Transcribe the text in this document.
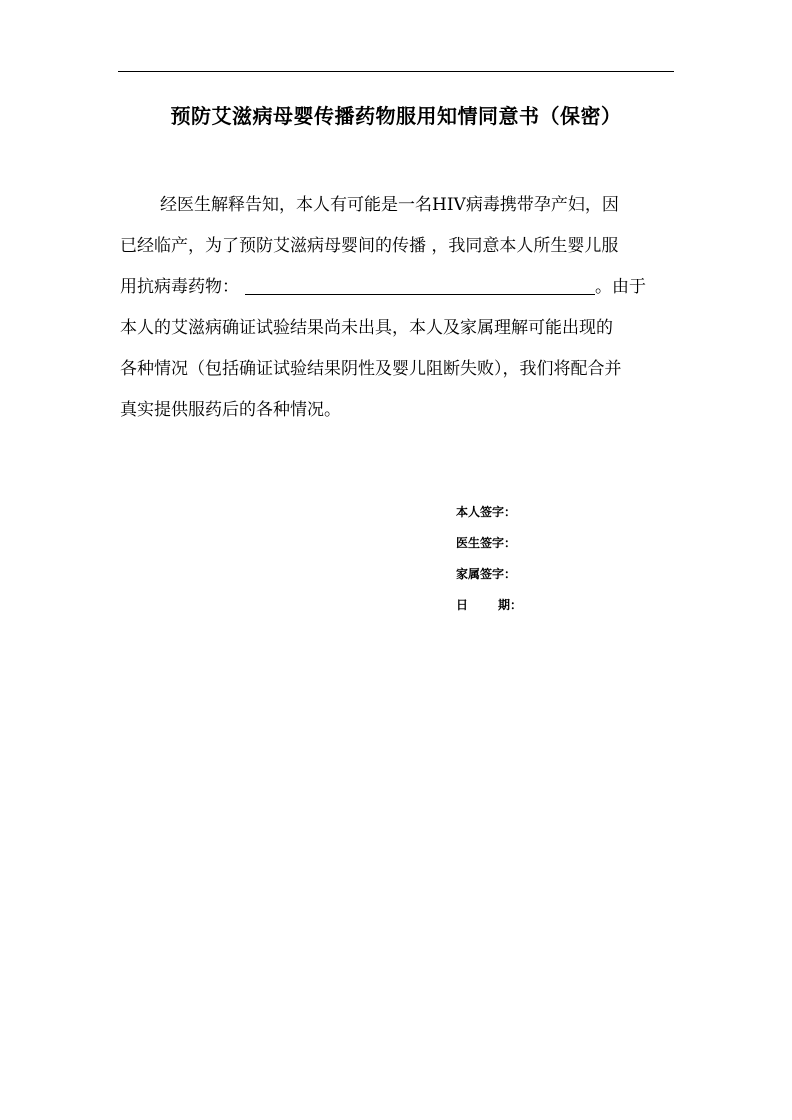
预防艾滋病母婴传播药物服用知情同意书（保密）
经医生解释告知，本人有可能是一名HIV病毒携带孕产妇，因
已经临产，为了预防艾滋病母婴间的传播 ，我同意本人所生婴儿服
用抗病毒药物：	。由于
本人的艾滋病确证试验结果尚未出具，本人及家属理解可能出现的
各种情况（包括确证试验结果阴性及婴儿阻断失败），我们将配合并
真实提供服药后的各种情况。
本人签字：
医生签字：
家属签字：
日	期：
